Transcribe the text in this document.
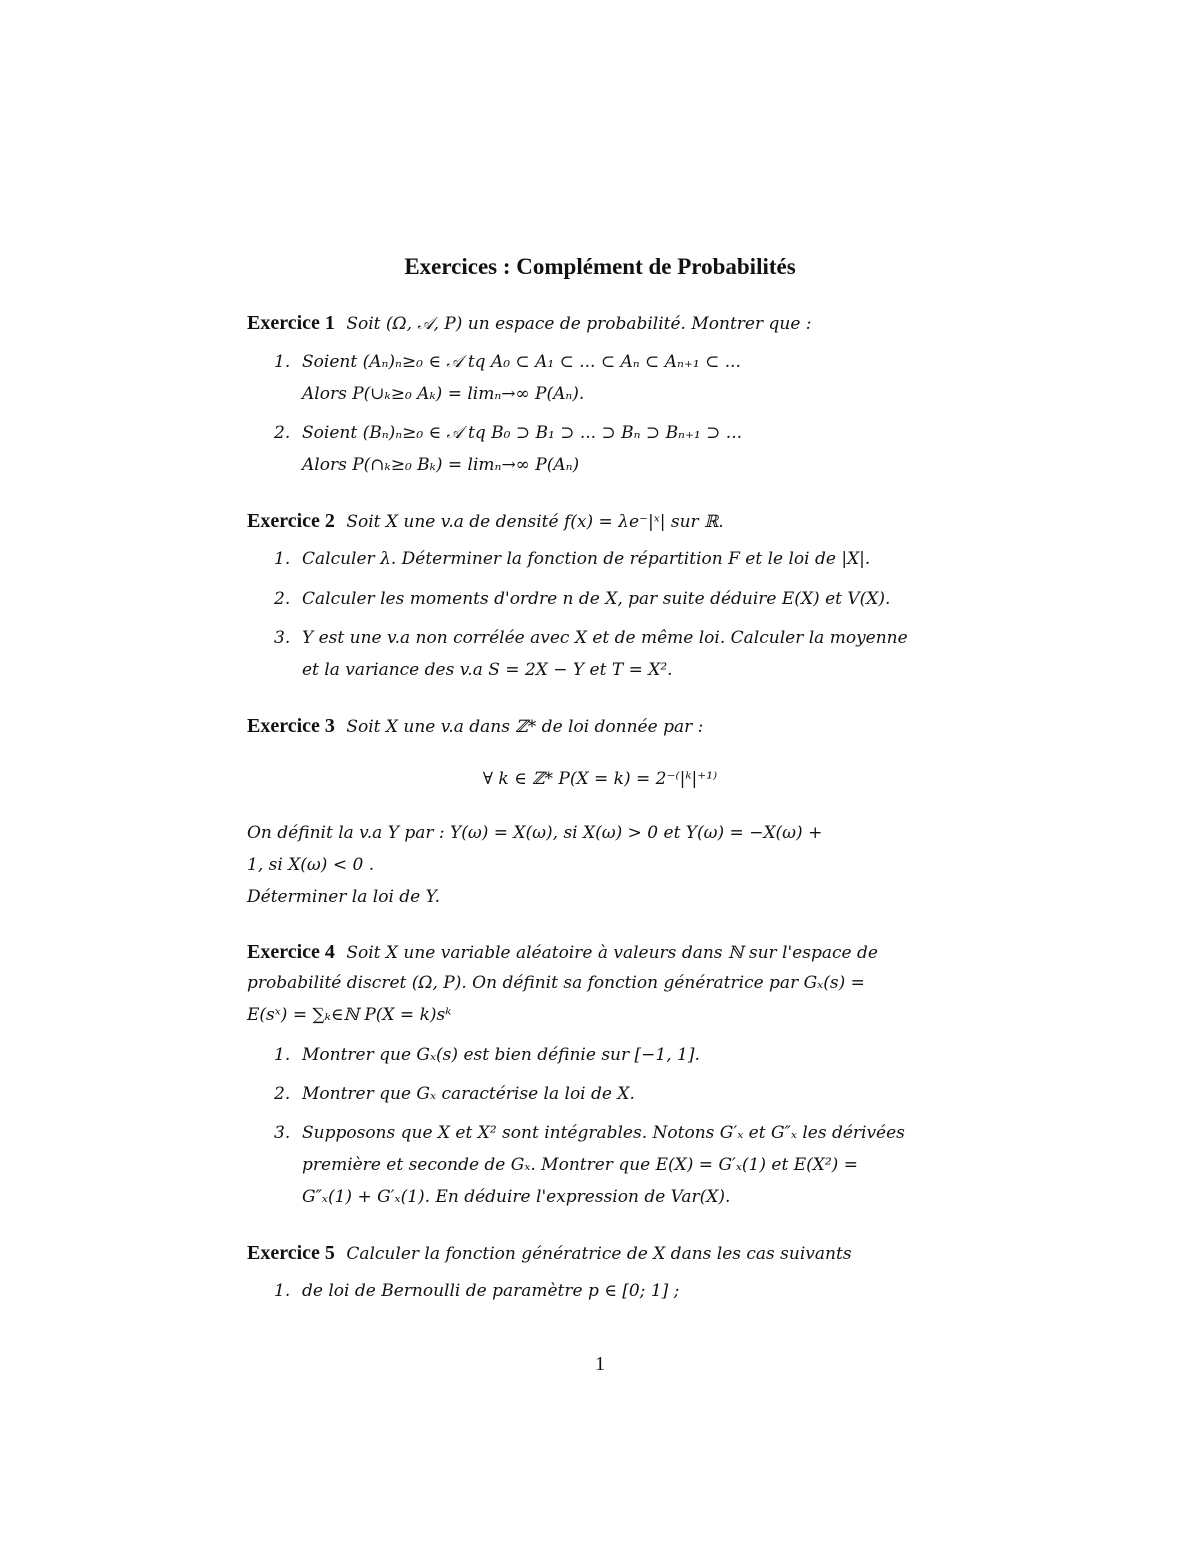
Exercices : Complément de Probabilités
Exercice 1 Soit (Ω, 𝒜, P) un espace de probabilité. Montrer que :
1. Soient (Aₙ)ₙ≥₀ ∈ 𝒜 tq A₀ ⊂ A₁ ⊂ ... ⊂ Aₙ ⊂ Aₙ₊₁ ⊂ ...
Alors P(∪ₖ≥₀ Aₖ) = limₙ→∞ P(Aₙ).
2. Soient (Bₙ)ₙ≥₀ ∈ 𝒜 tq B₀ ⊃ B₁ ⊃ ... ⊃ Bₙ ⊃ Bₙ₊₁ ⊃ ...
Alors P(∩ₖ≥₀ Bₖ) = limₙ→∞ P(Aₙ)
Exercice 2 Soit X une v.a de densité f(x) = λe⁻|ˣ| sur ℝ.
1. Calculer λ. Déterminer la fonction de répartition F et le loi de |X|.
2. Calculer les moments d'ordre n de X, par suite déduire E(X) et V(X).
3. Y est une v.a non corrélée avec X et de même loi. Calculer la moyenne
et la variance des v.a S = 2X − Y et T = X².
Exercice 3 Soit X une v.a dans ℤ* de loi donnée par :
∀ k ∈ ℤ* P(X = k) = 2⁻⁽|ᵏ|⁺¹⁾
On définit la v.a Y par : Y(ω) = X(ω), si X(ω) > 0 et Y(ω) = −X(ω) +
1, si X(ω) < 0 .
Déterminer la loi de Y.
Exercice 4 Soit X une variable aléatoire à valeurs dans ℕ sur l'espace de
probabilité discret (Ω, P). On définit sa fonction génératrice par Gₓ(s) =
E(sˣ) = ∑ₖ∈ℕ P(X = k)sᵏ
1. Montrer que Gₓ(s) est bien définie sur [−1, 1].
2. Montrer que Gₓ caractérise la loi de X.
3. Supposons que X et X² sont intégrables. Notons G′ₓ et G″ₓ les dérivées
première et seconde de Gₓ. Montrer que E(X) = G′ₓ(1) et E(X²) =
G″ₓ(1) + G′ₓ(1). En déduire l'expression de Var(X).
Exercice 5 Calculer la fonction génératrice de X dans les cas suivants
1. de loi de Bernoulli de paramètre p ∈ [0; 1] ;
1
